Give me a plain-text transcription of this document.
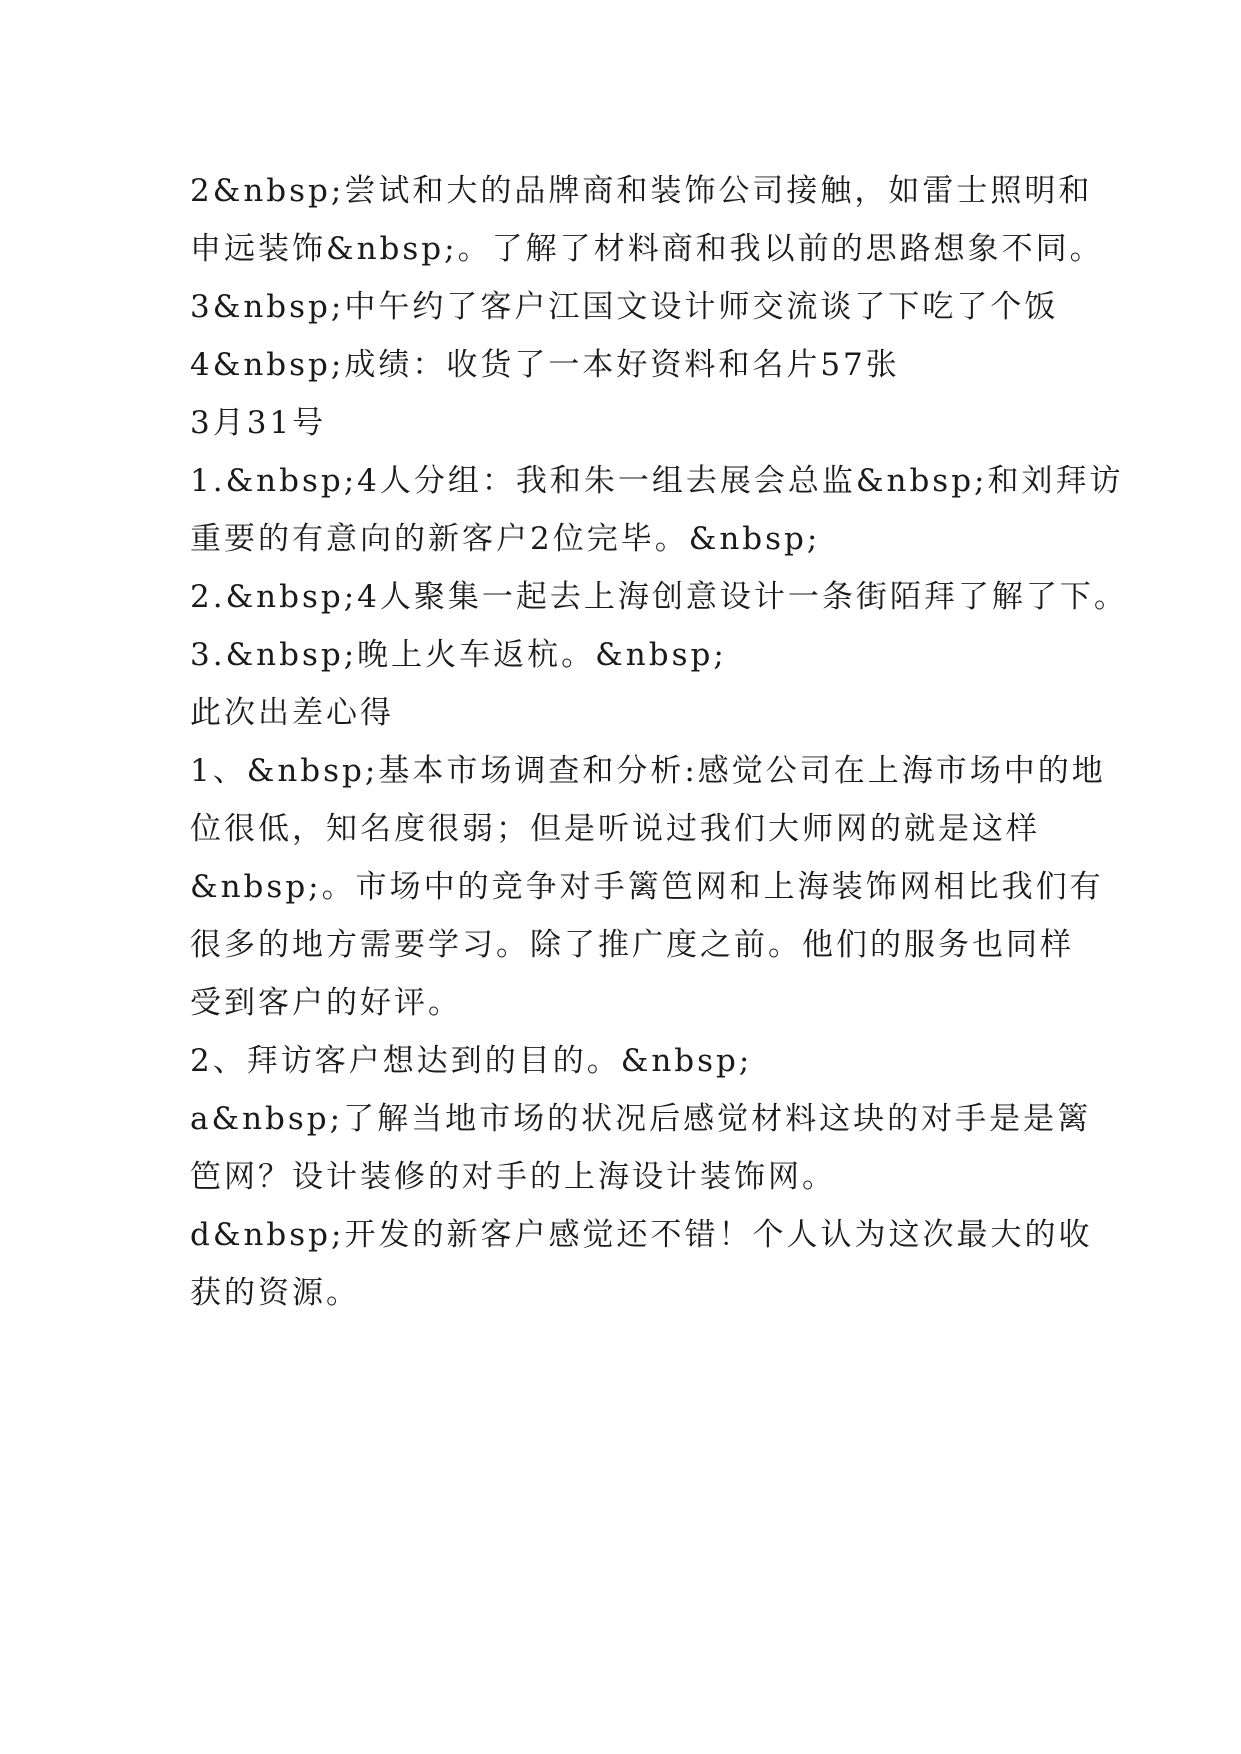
2&nbsp;尝试和大的品牌商和装饰公司接触，如雷士照明和
申远装饰&nbsp;。了解了材料商和我以前的思路想象不同。
3&nbsp;中午约了客户江国文设计师交流谈了下吃了个饭
4&nbsp;成绩：收货了一本好资料和名片57张
3月31号
1.&nbsp;4人分组：我和朱一组去展会总监&nbsp;和刘拜访
重要的有意向的新客户2位完毕。&nbsp;
2.&nbsp;4人聚集一起去上海创意设计一条街陌拜了解了下。
3.&nbsp;晚上火车返杭。&nbsp;
此次出差心得
1、&nbsp;基本市场调查和分析:感觉公司在上海市场中的地
位很低，知名度很弱；但是听说过我们大师网的就是这样
&nbsp;。市场中的竞争对手篱笆网和上海装饰网相比我们有
很多的地方需要学习。除了推广度之前。他们的服务也同样
受到客户的好评。
2、拜访客户想达到的目的。&nbsp;
a&nbsp;了解当地市场的状况后感觉材料这块的对手是是篱
笆网？设计装修的对手的上海设计装饰网。
d&nbsp;开发的新客户感觉还不错！个人认为这次最大的收
获的资源。
